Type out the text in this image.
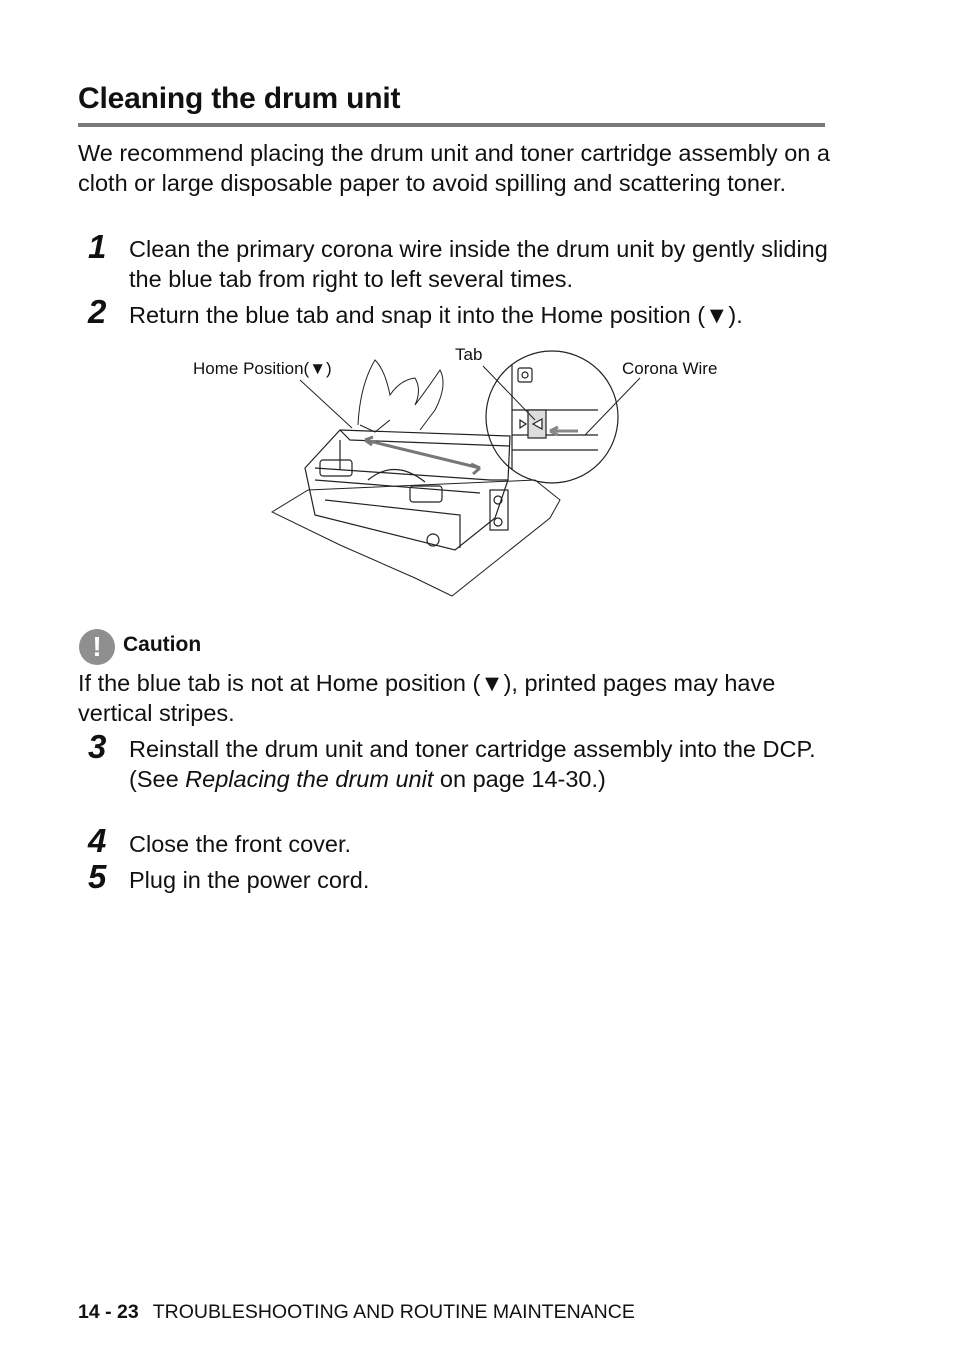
Cleaning the drum unit
We recommend placing the drum unit and toner cartridge assembly on a cloth or large disposable paper to avoid spilling and scattering toner.
1 Clean the primary corona wire inside the drum unit by gently sliding the blue tab from right to left several times.
2 Return the blue tab and snap it into the Home position (▼).
Home Position(▼)
Tab
Corona Wire
!	Caution
If the blue tab is not at Home position (▼), printed pages may have vertical stripes.
3 Reinstall the drum unit and toner cartridge assembly into the DCP.
(See Replacing the drum unit on page 14-30.)
4 Close the front cover.
5 Plug in the power cord.
14 - 23 TROUBLESHOOTING AND ROUTINE MAINTENANCE
